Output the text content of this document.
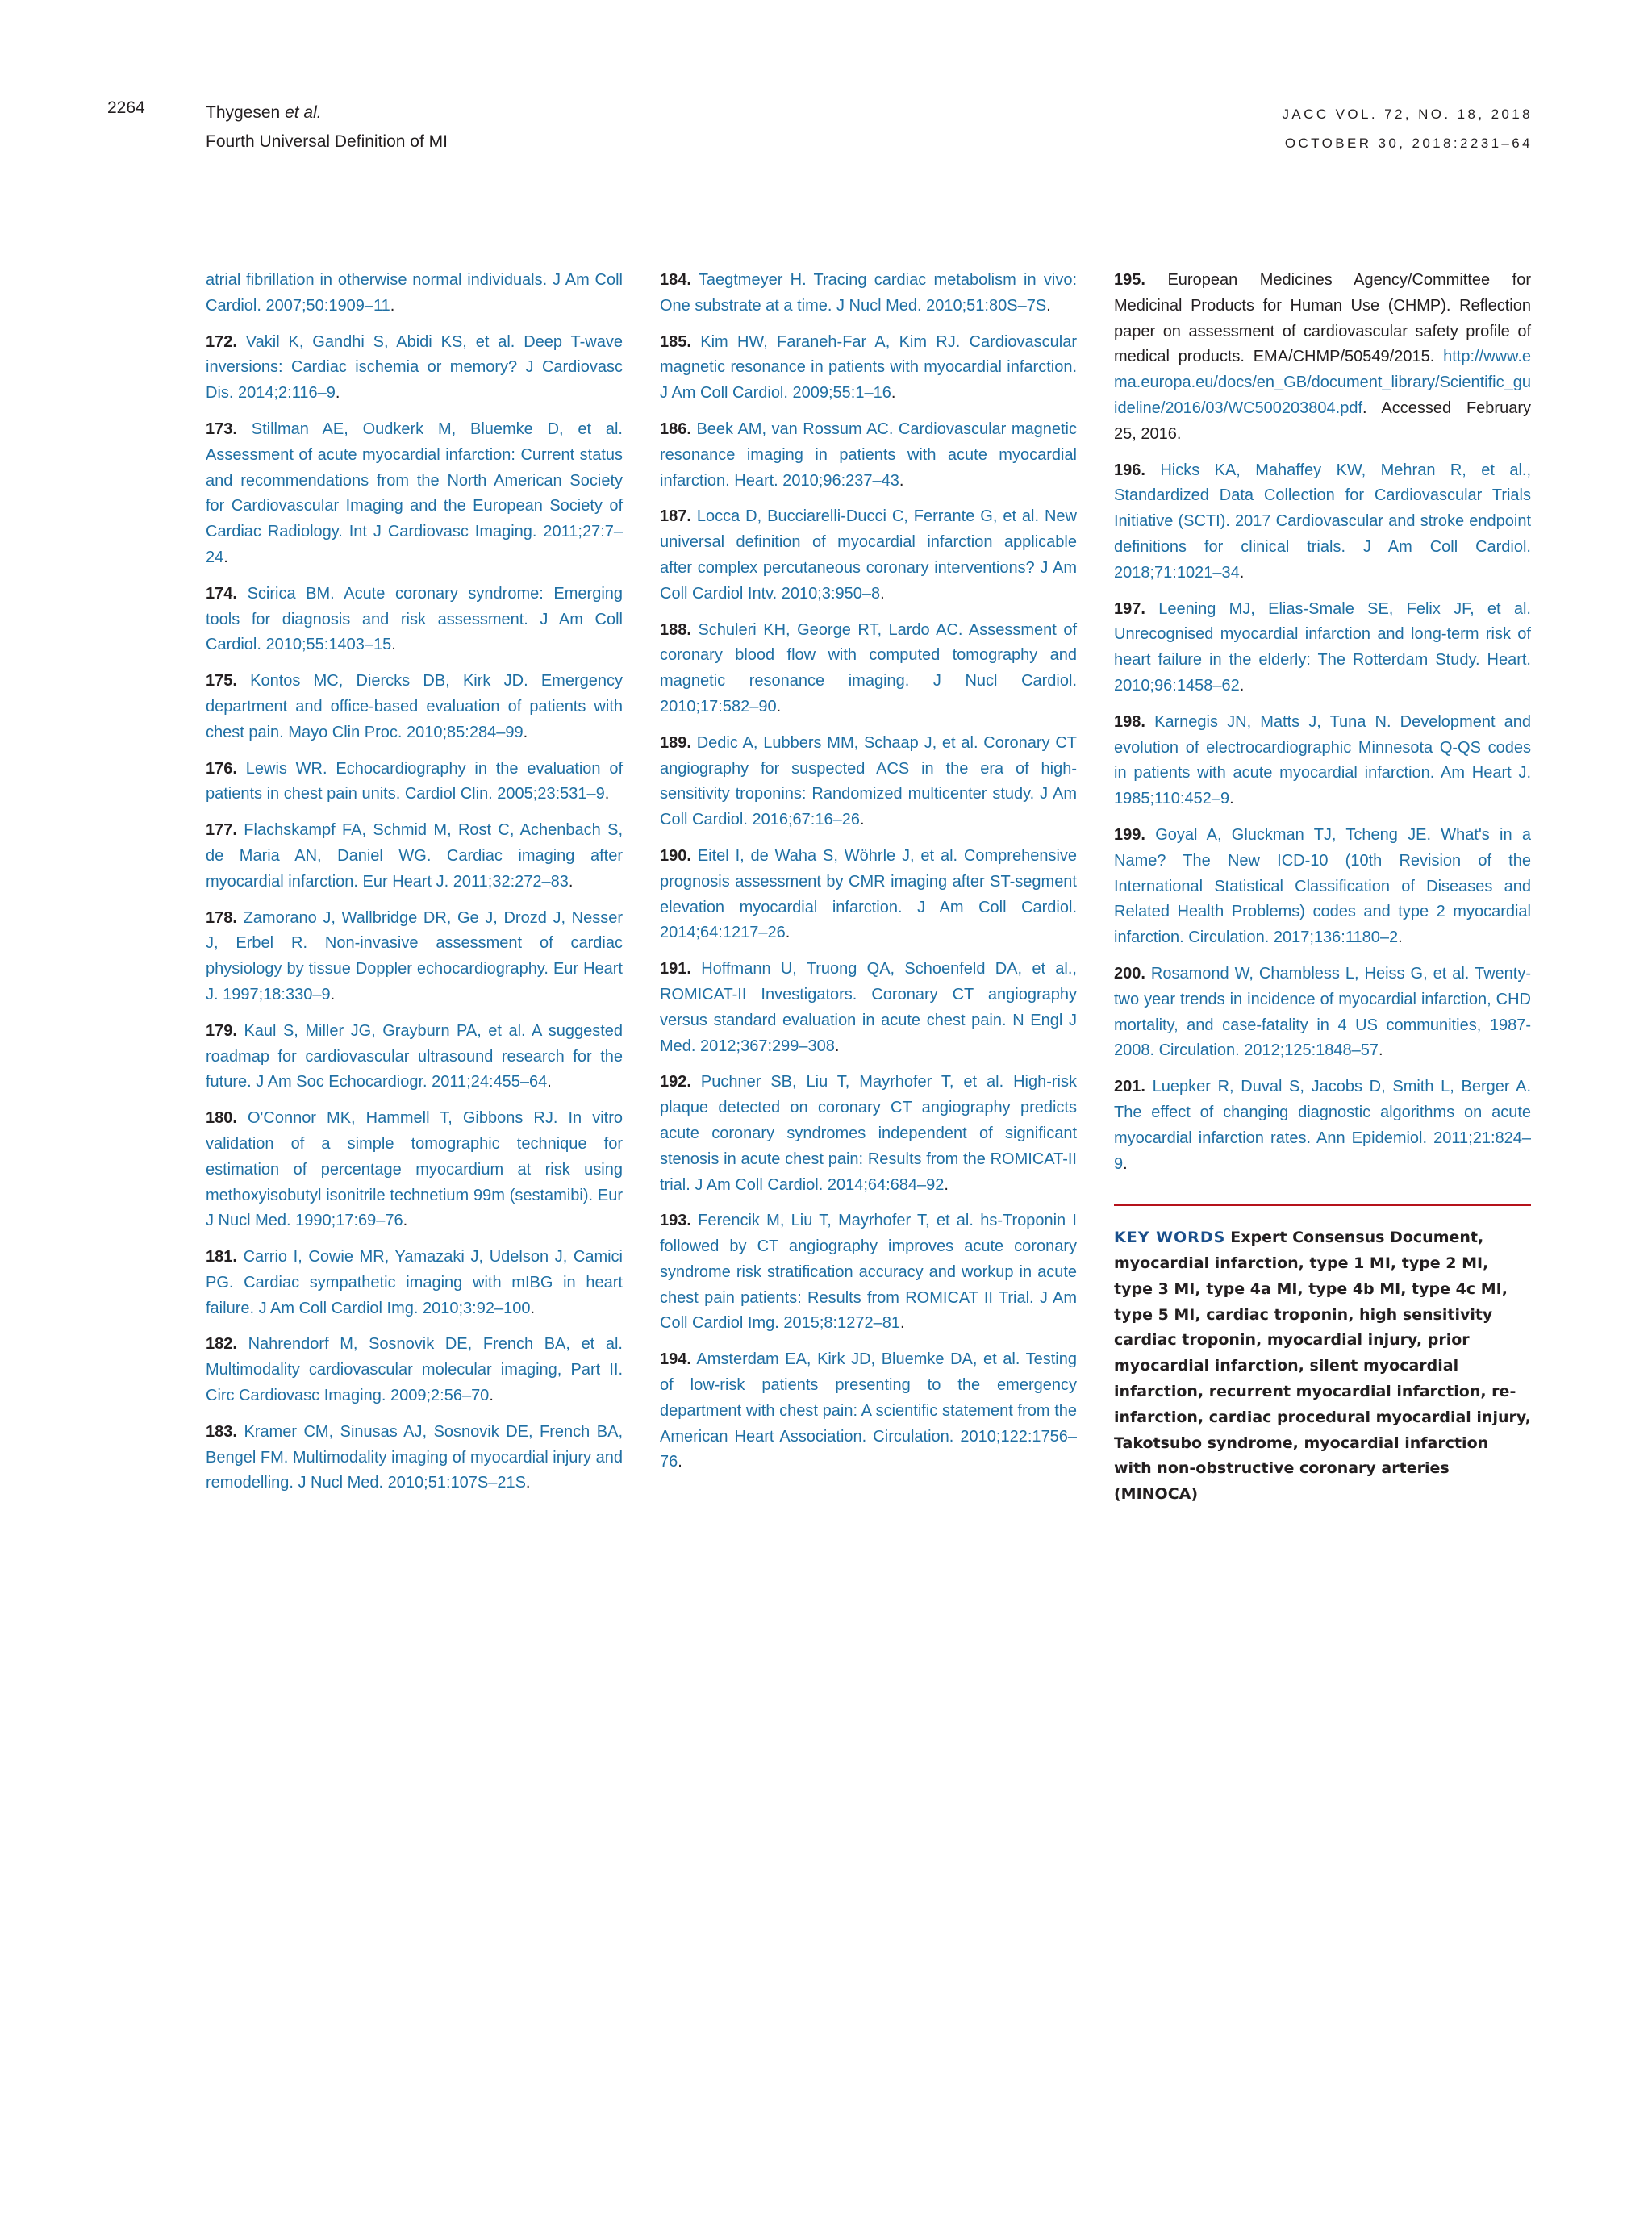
2264	Thygesen et al.
Fourth Universal Definition of MI
JACC VOL. 72, NO. 18, 2018
OCTOBER 30, 2018:2231–64
atrial fibrillation in otherwise normal individuals. J Am Coll Cardiol. 2007;50:1909–11.
172. Vakil K, Gandhi S, Abidi KS, et al. Deep T-wave inversions: Cardiac ischemia or memory? J Cardiovasc Dis. 2014;2:116–9.
173. Stillman AE, Oudkerk M, Bluemke D, et al. Assessment of acute myocardial infarction: Current status and recommendations from the North American Society for Cardiovascular Imaging and the European Society of Cardiac Radiology. Int J Cardiovasc Imaging. 2011;27:7–24.
174. Scirica BM. Acute coronary syndrome: Emerging tools for diagnosis and risk assessment. J Am Coll Cardiol. 2010;55:1403–15.
175. Kontos MC, Diercks DB, Kirk JD. Emergency department and office-based evaluation of patients with chest pain. Mayo Clin Proc. 2010;85:284–99.
176. Lewis WR. Echocardiography in the evaluation of patients in chest pain units. Cardiol Clin. 2005;23:531–9.
177. Flachskampf FA, Schmid M, Rost C, Achenbach S, de Maria AN, Daniel WG. Cardiac imaging after myocardial infarction. Eur Heart J. 2011;32:272–83.
178. Zamorano J, Wallbridge DR, Ge J, Drozd J, Nesser J, Erbel R. Non-invasive assessment of cardiac physiology by tissue Doppler echocardiography. Eur Heart J. 1997;18:330–9.
179. Kaul S, Miller JG, Grayburn PA, et al. A suggested roadmap for cardiovascular ultrasound research for the future. J Am Soc Echocardiogr. 2011;24:455–64.
180. O'Connor MK, Hammell T, Gibbons RJ. In vitro validation of a simple tomographic technique for estimation of percentage myocardium at risk using methoxyisobutyl isonitrile technetium 99m (sestamibi). Eur J Nucl Med. 1990;17:69–76.
181. Carrio I, Cowie MR, Yamazaki J, Udelson J, Camici PG. Cardiac sympathetic imaging with mIBG in heart failure. J Am Coll Cardiol Img. 2010;3:92–100.
182. Nahrendorf M, Sosnovik DE, French BA, et al. Multimodality cardiovascular molecular imaging, Part II. Circ Cardiovasc Imaging. 2009;2:56–70.
183. Kramer CM, Sinusas AJ, Sosnovik DE, French BA, Bengel FM. Multimodality imaging of myocardial injury and remodelling. J Nucl Med. 2010;51:107S–21S.
184. Taegtmeyer H. Tracing cardiac metabolism in vivo: One substrate at a time. J Nucl Med. 2010;51:80S–7S.
185. Kim HW, Faraneh-Far A, Kim RJ. Cardiovascular magnetic resonance in patients with myocardial infarction. J Am Coll Cardiol. 2009;55:1–16.
186. Beek AM, van Rossum AC. Cardiovascular magnetic resonance imaging in patients with acute myocardial infarction. Heart. 2010;96:237–43.
187. Locca D, Bucciarelli-Ducci C, Ferrante G, et al. New universal definition of myocardial infarction applicable after complex percutaneous coronary interventions? J Am Coll Cardiol Intv. 2010;3:950–8.
188. Schuleri KH, George RT, Lardo AC. Assessment of coronary blood flow with computed tomography and magnetic resonance imaging. J Nucl Cardiol. 2010;17:582–90.
189. Dedic A, Lubbers MM, Schaap J, et al. Coronary CT angiography for suspected ACS in the era of high-sensitivity troponins: Randomized multicenter study. J Am Coll Cardiol. 2016;67:16–26.
190. Eitel I, de Waha S, Wöhrle J, et al. Comprehensive prognosis assessment by CMR imaging after ST-segment elevation myocardial infarction. J Am Coll Cardiol. 2014;64:1217–26.
191. Hoffmann U, Truong QA, Schoenfeld DA, et al., ROMICAT-II Investigators. Coronary CT angiography versus standard evaluation in acute chest pain. N Engl J Med. 2012;367:299–308.
192. Puchner SB, Liu T, Mayrhofer T, et al. High-risk plaque detected on coronary CT angiography predicts acute coronary syndromes independent of significant stenosis in acute chest pain: Results from the ROMICAT-II trial. J Am Coll Cardiol. 2014;64:684–92.
193. Ferencik M, Liu T, Mayrhofer T, et al. hs-Troponin I followed by CT angiography improves acute coronary syndrome risk stratification accuracy and workup in acute chest pain patients: Results from ROMICAT II Trial. J Am Coll Cardiol Img. 2015;8:1272–81.
194. Amsterdam EA, Kirk JD, Bluemke DA, et al. Testing of low-risk patients presenting to the emergency department with chest pain: A scientific statement from the American Heart Association. Circulation. 2010;122:1756–76.
195. European Medicines Agency/Committee for Medicinal Products for Human Use (CHMP). Reflection paper on assessment of cardiovascular safety profile of medical products. EMA/CHMP/50549/2015. http://www.ema.europa.eu/docs/en_GB/document_library/Scientific_guideline/2016/03/WC500203804.pdf. Accessed February 25, 2016.
196. Hicks KA, Mahaffey KW, Mehran R, et al., Standardized Data Collection for Cardiovascular Trials Initiative (SCTI). 2017 Cardiovascular and stroke endpoint definitions for clinical trials. J Am Coll Cardiol. 2018;71:1021–34.
197. Leening MJ, Elias-Smale SE, Felix JF, et al. Unrecognised myocardial infarction and long-term risk of heart failure in the elderly: The Rotterdam Study. Heart. 2010;96:1458–62.
198. Karnegis JN, Matts J, Tuna N. Development and evolution of electrocardiographic Minnesota Q-QS codes in patients with acute myocardial infarction. Am Heart J. 1985;110:452–9.
199. Goyal A, Gluckman TJ, Tcheng JE. What's in a Name? The New ICD-10 (10th Revision of the International Statistical Classification of Diseases and Related Health Problems) codes and type 2 myocardial infarction. Circulation. 2017;136:1180–2.
200. Rosamond W, Chambless L, Heiss G, et al. Twenty-two year trends in incidence of myocardial infarction, CHD mortality, and case-fatality in 4 US communities, 1987-2008. Circulation. 2012;125:1848–57.
201. Luepker R, Duval S, Jacobs D, Smith L, Berger A. The effect of changing diagnostic algorithms on acute myocardial infarction rates. Ann Epidemiol. 2011;21:824–9.
KEY WORDS Expert Consensus Document, myocardial infarction, type 1 MI, type 2 MI, type 3 MI, type 4a MI, type 4b MI, type 4c MI, type 5 MI, cardiac troponin, high sensitivity cardiac troponin, myocardial injury, prior myocardial infarction, silent myocardial infarction, recurrent myocardial infarction, re-infarction, cardiac procedural myocardial injury, Takotsubo syndrome, myocardial infarction with non-obstructive coronary arteries (MINOCA)
